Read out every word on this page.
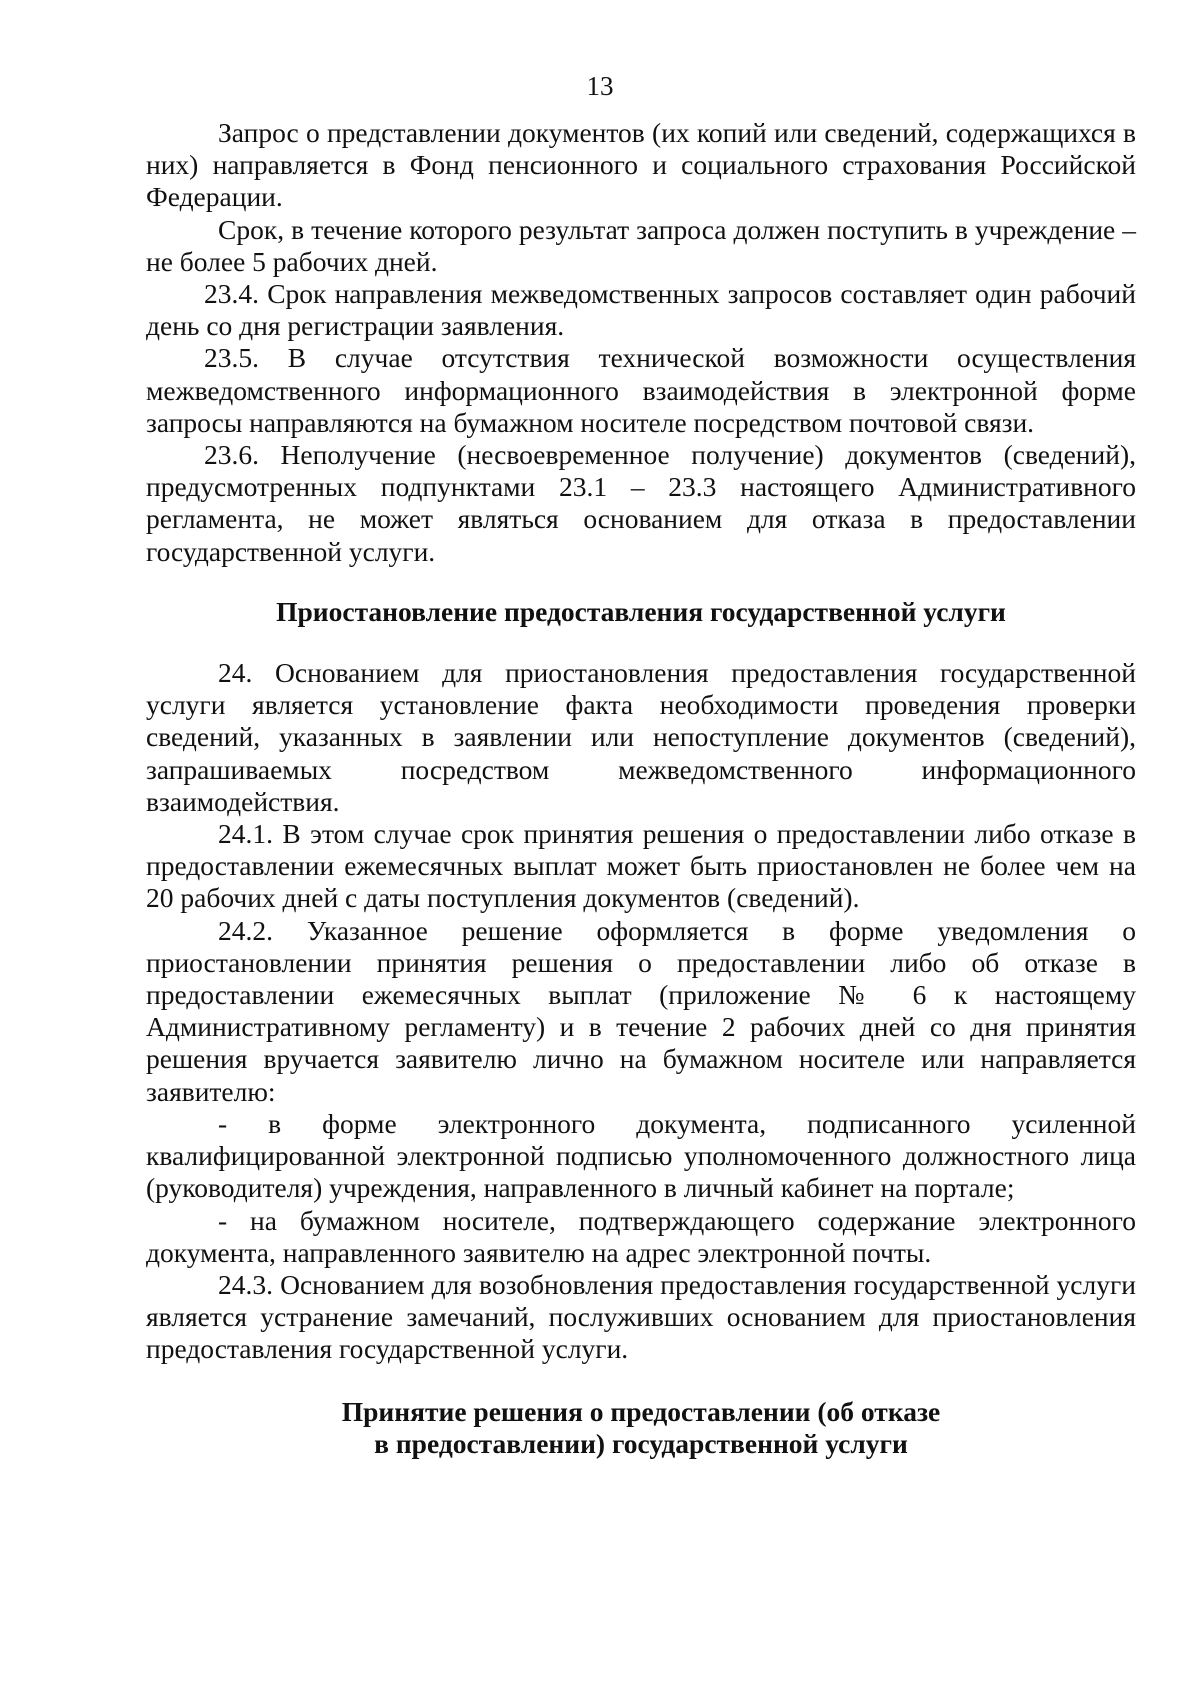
13

Запрос о представлении документов (их копий или сведений, содержащихся в них) направляется в Фонд пенсионного и социального страхования Российской Федерации.

Срок, в течение которого результат запроса должен поступить в учреждение – не более 5 рабочих дней.

23.4. Срок направления межведомственных запросов составляет один рабочий день со дня регистрации заявления.

23.5. В случае отсутствия технической возможности осуществления межведомственного информационного взаимодействия в электронной форме запросы направляются на бумажном носителе посредством почтовой связи.

23.6. Неполучение (несвоевременное получение) документов (сведений), предусмотренных подпунктами 23.1 – 23.3 настоящего Административного регламента, не может являться основанием для отказа в предоставлении государственной услуги.

Приостановление предоставления государственной услуги

24. Основанием для приостановления предоставления государственной услуги является установление факта необходимости проведения проверки сведений, указанных в заявлении или непоступление документов (сведений), запрашиваемых посредством межведомственного информационного взаимодействия.

24.1. В этом случае срок принятия решения о предоставлении либо отказе в предоставлении ежемесячных выплат может быть приостановлен не более чем на 20 рабочих дней с даты поступления документов (сведений).

24.2. Указанное решение оформляется в форме уведомления о приостановлении принятия решения о предоставлении либо об отказе в предоставлении ежемесячных выплат (приложение № 6 к настоящему Административному регламенту) и в течение 2 рабочих дней со дня принятия решения вручается заявителю лично на бумажном носителе или направляется заявителю:

- в форме электронного документа, подписанного усиленной квалифицированной электронной подписью уполномоченного должностного лица (руководителя) учреждения, направленного в личный кабинет на портале;

- на бумажном носителе, подтверждающего содержание электронного документа, направленного заявителю на адрес электронной почты.

24.3. Основанием для возобновления предоставления государственной услуги является устранение замечаний, послуживших основанием для приостановления предоставления государственной услуги.

Принятие решения о предоставлении (об отказе

в предоставлении) государственной услуги
